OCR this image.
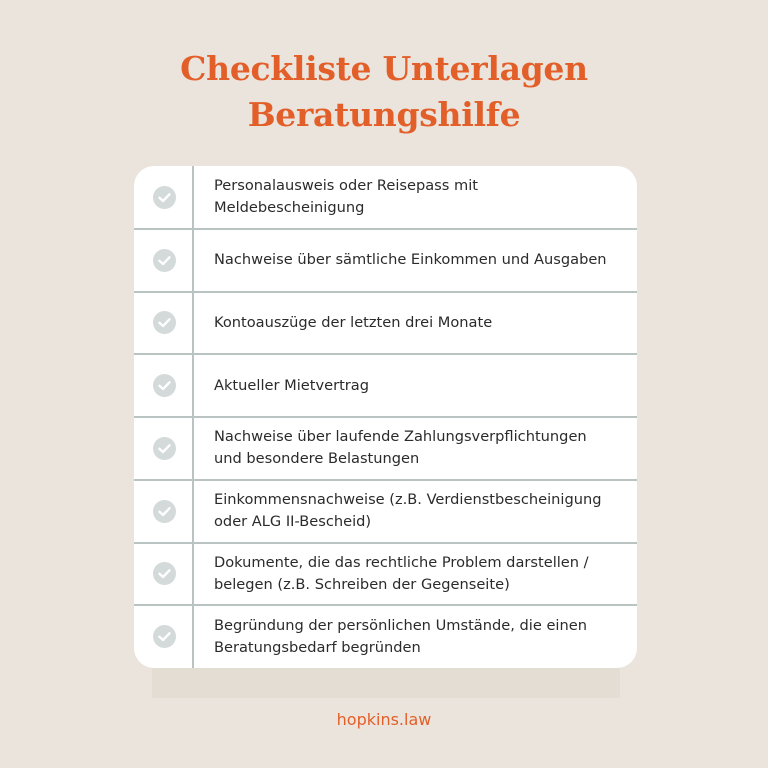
Checkliste Unterlagen
Beratungshilfe
Personalausweis oder Reisepass mit Meldebescheinigung
Nachweise über sämtliche Einkommen und Ausgaben
Kontoauszüge der letzten drei Monate
Aktueller Mietvertrag
Nachweise über laufende Zahlungsverpflichtungen und besondere Belastungen
Einkommensnachweise (z.B. Verdienstbescheinigung oder ALG II-Bescheid)
Dokumente, die das rechtliche Problem darstellen / belegen (z.B. Schreiben der Gegenseite)
Begründung der persönlichen Umstände, die einen Beratungsbedarf begründen
hopkins.law
